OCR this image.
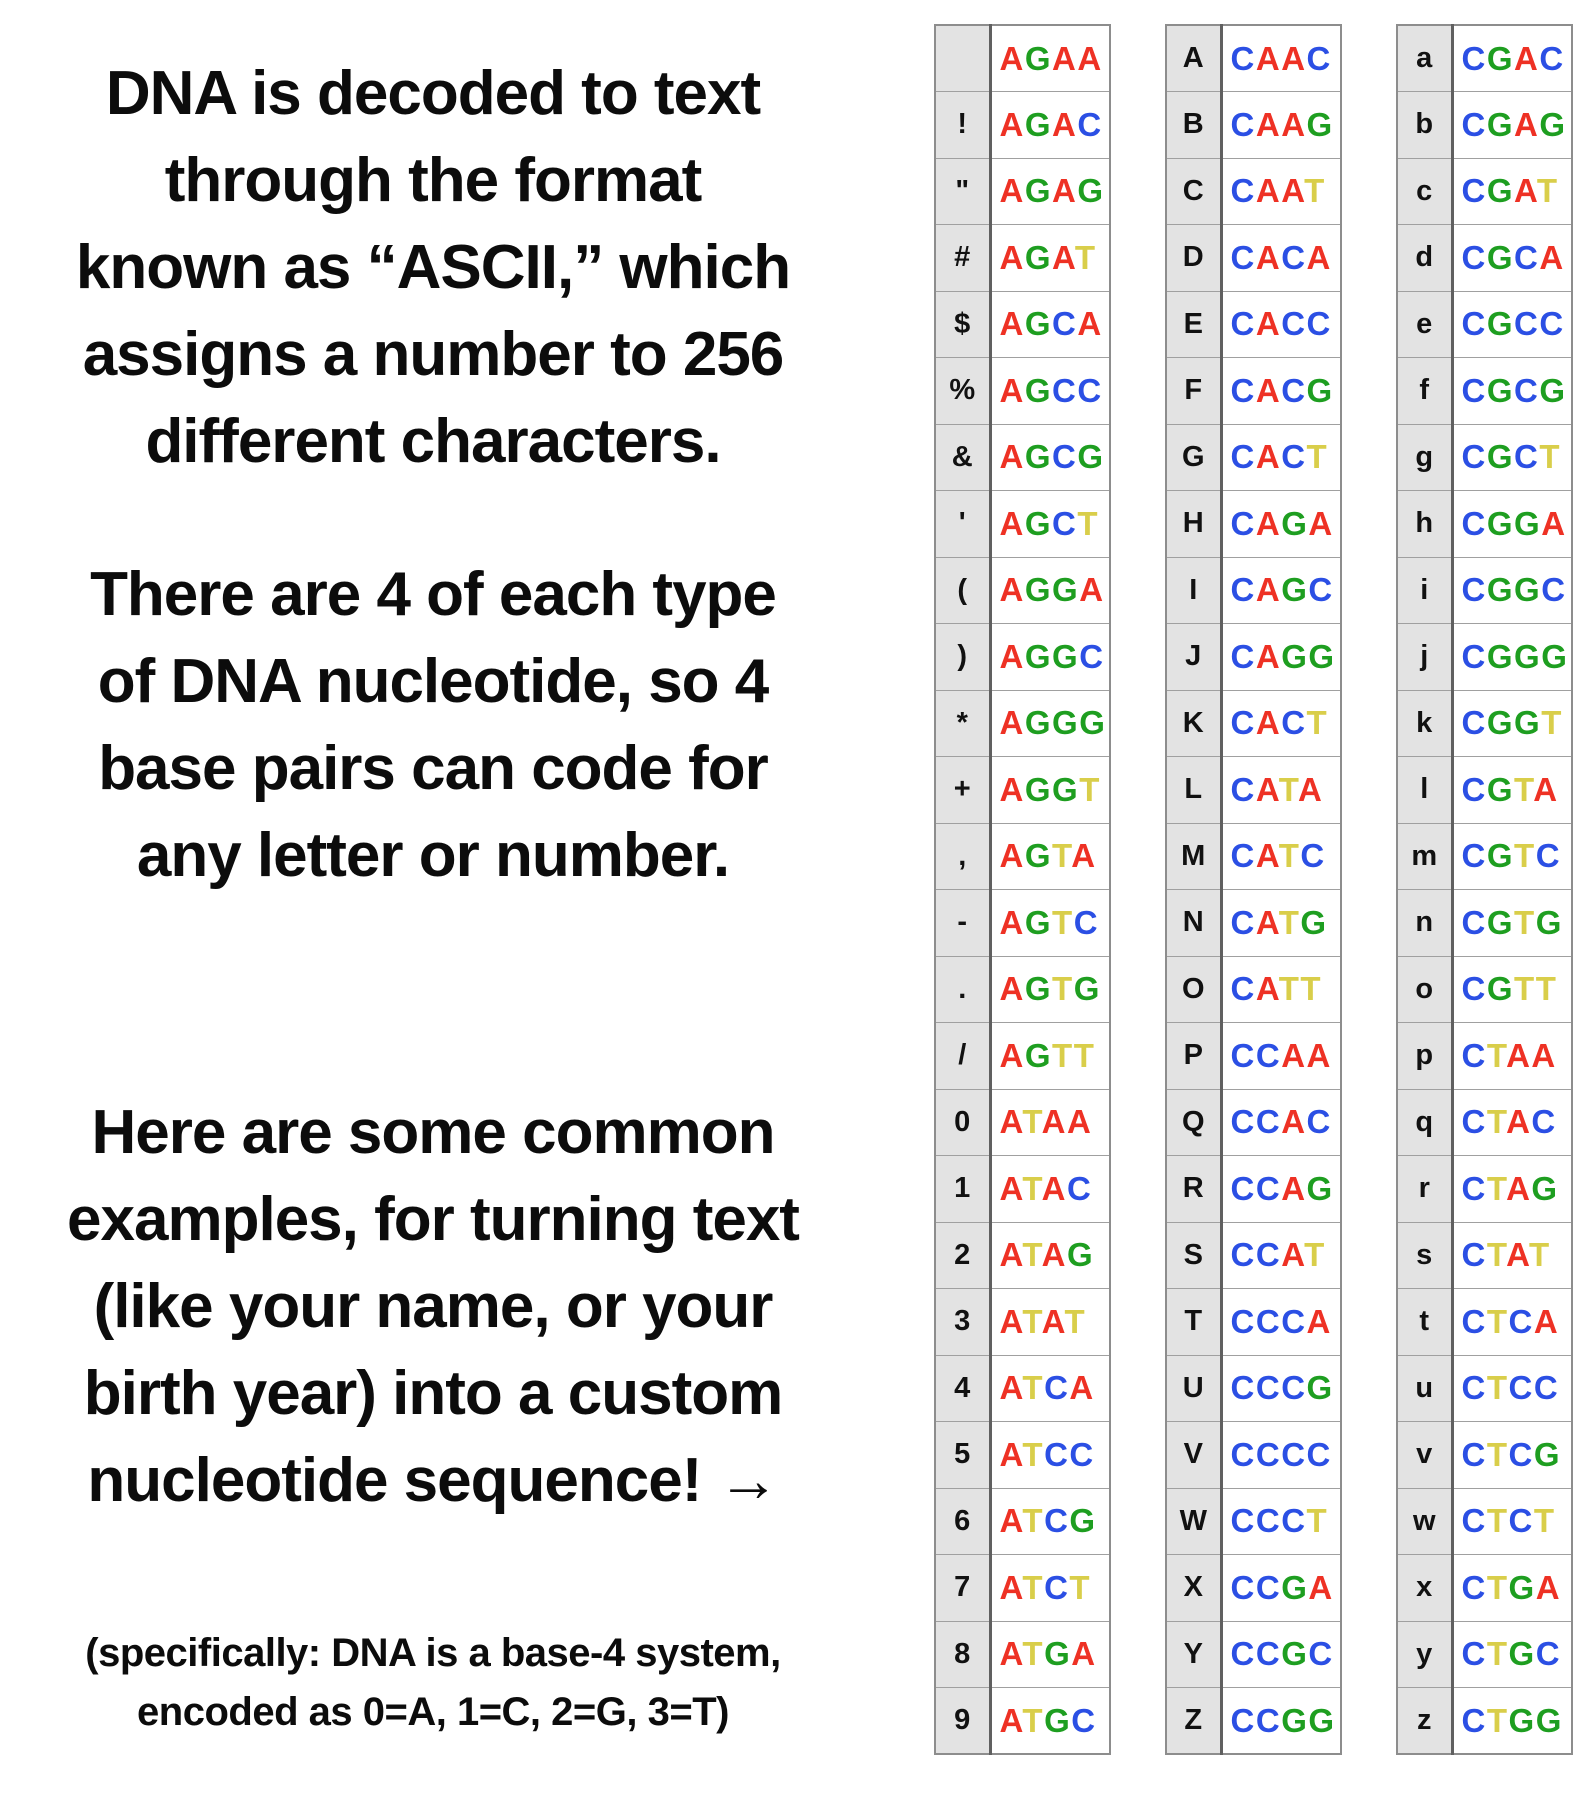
DNA is decoded to text
through the format
known as “ASCII,” which
assigns a number to 256
different characters.
There are 4 of each type
of DNA nucleotide, so 4
base pairs can code for
any letter or number.
Here are some common
examples, for turning text
(like your name, or your
birth year) into a custom
nucleotide sequence! →
(specifically: DNA is a base-4 system,
encoded as 0=A, 1=C, 2=G, 3=T)
	AGAA
!	AGAC
"	AGAG
#	AGAT
$	AGCA
%	AGCC
&	AGCG
'	AGCT
(	AGGA
)	AGGC
*	AGGG
+	AGGT
,	AGTA
-	AGTC
.	AGTG
/	AGTT
0	ATAA
1	ATAC
2	ATAG
3	ATAT
4	ATCA
5	ATCC
6	ATCG
7	ATCT
8	ATGA
9	ATGC
A	CAAC
B	CAAG
C	CAAT
D	CACA
E	CACC
F	CACG
G	CACT
H	CAGA
I	CAGC
J	CAGG
K	CACT
L	CATA
M	CATC
N	CATG
O	CATT
P	CCAA
Q	CCAC
R	CCAG
S	CCAT
T	CCCA
U	CCCG
V	CCCC
W	CCCT
X	CCGA
Y	CCGC
Z	CCGG
a	CGAC
b	CGAG
c	CGAT
d	CGCA
e	CGCC
f	CGCG
g	CGCT
h	CGGA
i	CGGC
j	CGGG
k	CGGT
l	CGTA
m	CGTC
n	CGTG
o	CGTT
p	CTAA
q	CTAC
r	CTAG
s	CTAT
t	CTCA
u	CTCC
v	CTCG
w	CTCT
x	CTGA
y	CTGC
z	CTGG
